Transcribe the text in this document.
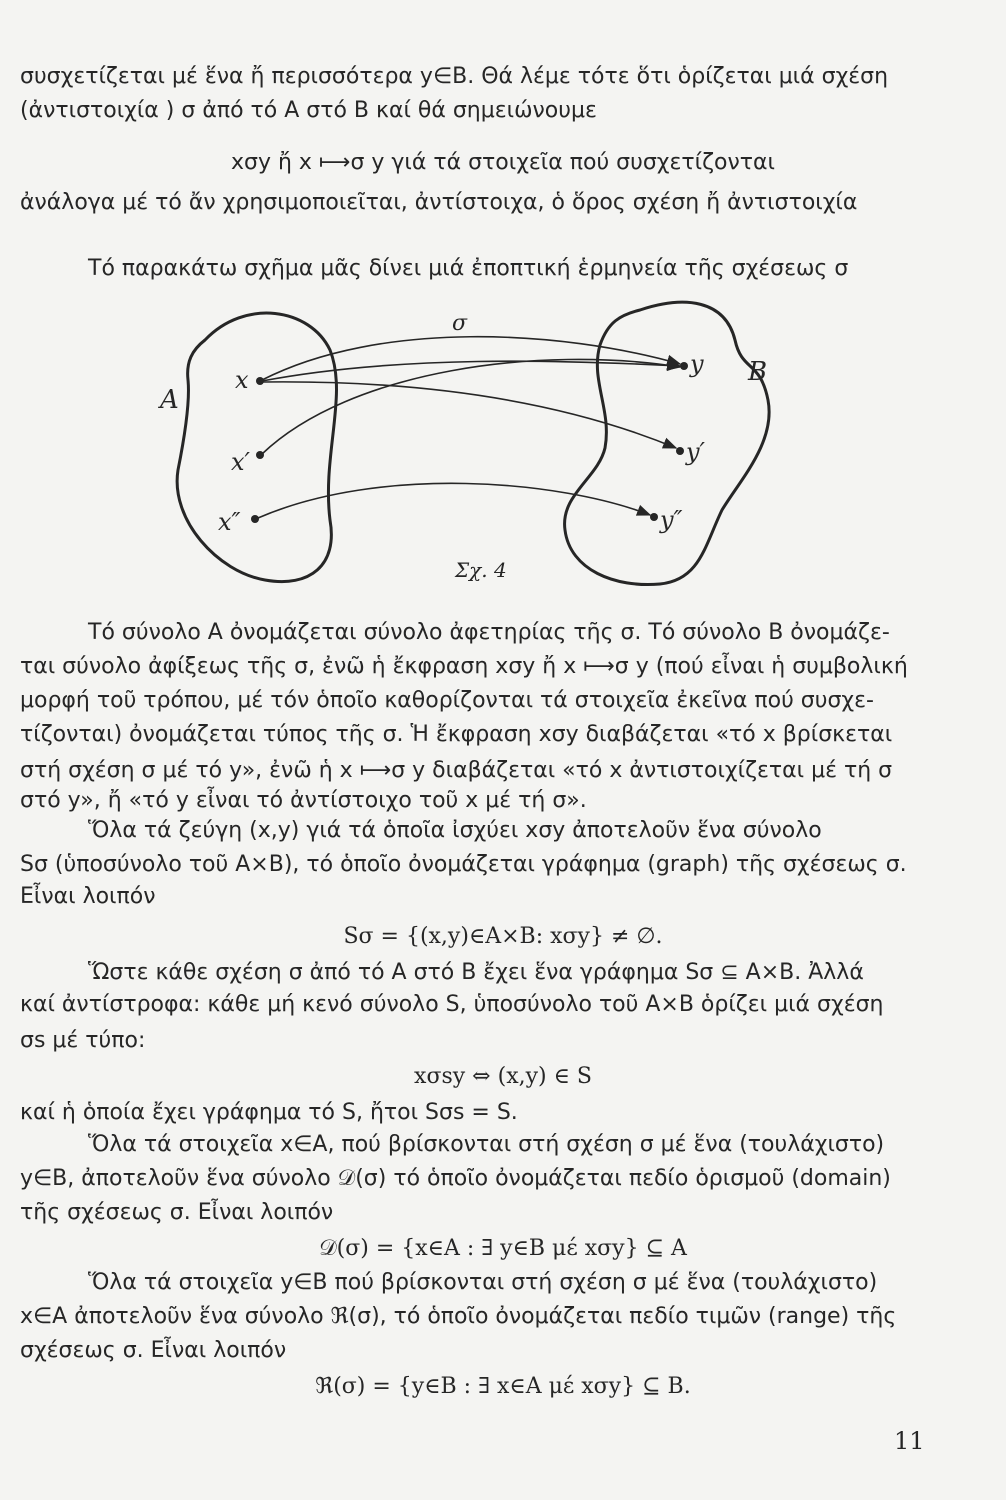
συσχετίζεται μέ ἕνα ἤ περισσότερα y∈B. Θά λέμε τότε ὅτι ὁρίζεται μιά σχέση

(ἀντιστοιχία ) σ ἀπό τό A στό B καί θά σημειώνουμε

xσy ἤ x ⟼σ y γιά τά στοιχεῖα πού συσχετίζονται

ἀνάλογα μέ τό ἄν χρησιμοποιεῖται, ἀντίστοιχα, ὁ ὅρος σχέση ἤ ἀντιστοιχία

Τό παρακάτω σχῆμα μᾶς δίνει μιά ἐποπτική ἑρμηνεία τῆς σχέσεως σ

A
B
σ
x
x′
x″
y
y′
y″
Σχ. 4

Τό σύνολο A ὀνομάζεται σύνολο ἀφετηρίας τῆς σ. Τό σύνολο B ὀνομάζε-

ται σύνολο ἀφίξεως τῆς σ, ἐνῶ ἡ ἔκφραση xσy ἤ x ⟼σ y (πού εἶναι ἡ συμβολική

μορφή τοῦ τρόπου, μέ τόν ὁποῖο καθορίζονται τά στοιχεῖα ἐκεῖνα πού συσχε-

τίζονται) ὀνομάζεται τύπος τῆς σ. Ἡ ἔκφραση xσy διαβάζεται «τό x βρίσκεται

στή σχέση σ μέ τό y», ἐνῶ ἡ x ⟼σ y διαβάζεται «τό x ἀντιστοιχίζεται μέ τή σ

στό y», ἤ «τό y εἶναι τό ἀντίστοιχο τοῦ x μέ τή σ».

Ὅλα τά ζεύγη (x,y) γιά τά ὁποῖα ἰσχύει xσy ἀποτελοῦν ἕνα σύνολο

Sσ (ὑποσύνολο τοῦ A×B), τό ὁποῖο ὀνομάζεται γράφημα (graph) τῆς σχέσεως σ.

Εἶναι λοιπόν

Sσ = {(x,y)∈A×B: xσy} ≠ ∅.

Ὥστε κάθε σχέση σ ἀπό τό A στό B ἔχει ἕνα γράφημα Sσ ⊆ A×B. Ἀλλά

καί ἀντίστροφα: κάθε μή κενό σύνολο S, ὑποσύνολο τοῦ A×B ὁρίζει μιά σχέση

σs μέ τύπο:

xσsy ⇔ (x,y) ∈ S

καί ἡ ὁποία ἔχει γράφημα τό S, ἤτοι Sσs = S.

Ὅλα τά στοιχεῖα x∈A, πού βρίσκονται στή σχέση σ μέ ἕνα (τουλάχιστο)

y∈B, ἀποτελοῦν ἕνα σύνολο 𝒟(σ) τό ὁποῖο ὀνομάζεται πεδίο ὁρισμοῦ (domain)

τῆς σχέσεως σ. Εἶναι λοιπόν

𝒟(σ) = {x∈A : ∃ y∈B μέ xσy} ⊆ A

Ὅλα τά στοιχεῖα y∈B πού βρίσκονται στή σχέση σ μέ ἕνα (τουλάχιστο)

x∈A ἀποτελοῦν ἕνα σύνολο ℜ(σ), τό ὁποῖο ὀνομάζεται πεδίο τιμῶν (range) τῆς

σχέσεως σ. Εἶναι λοιπόν

ℜ(σ) = {y∈B : ∃ x∈A μέ xσy} ⊆ B.

11
